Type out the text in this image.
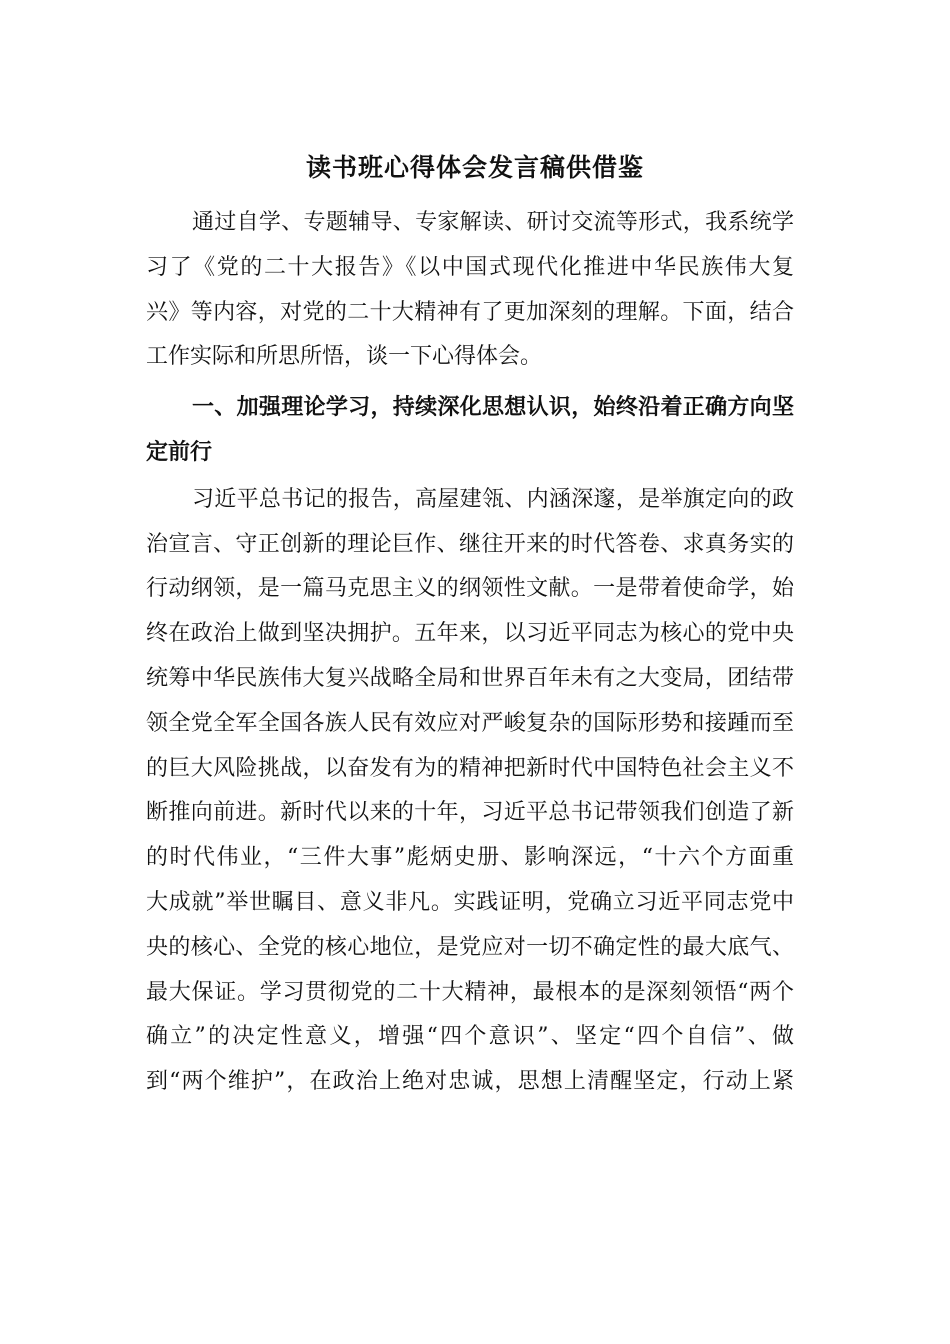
读书班心得体会发言稿供借鉴
通过自学、专题辅导、专家解读、研讨交流等形式，我系统学
习了《党的二十大报告》《以中国式现代化推进中华民族伟大复
兴》等内容，对党的二十大精神有了更加深刻的理解。下面，结合
工作实际和所思所悟，谈一下心得体会。
一、加强理论学习，持续深化思想认识，始终沿着正确方向坚
定前行
习近平总书记的报告，高屋建瓴、内涵深邃，是举旗定向的政
治宣言、守正创新的理论巨作、继往开来的时代答卷、求真务实的
行动纲领，是一篇马克思主义的纲领性文献。一是带着使命学，始
终在政治上做到坚决拥护。五年来，以习近平同志为核心的党中央
统筹中华民族伟大复兴战略全局和世界百年未有之大变局，团结带
领全党全军全国各族人民有效应对严峻复杂的国际形势和接踵而至
的巨大风险挑战，以奋发有为的精神把新时代中国特色社会主义不
断推向前进。新时代以来的十年，习近平总书记带领我们创造了新
的时代伟业，“三件大事”彪炳史册、影响深远，“十六个方面重
大成就”举世瞩目、意义非凡。实践证明，党确立习近平同志党中
央的核心、全党的核心地位，是党应对一切不确定性的最大底气、
最大保证。学习贯彻党的二十大精神，最根本的是深刻领悟“两个
确立”的决定性意义，增强“四个意识”、坚定“四个自信”、做
到“两个维护”，在政治上绝对忠诚，思想上清醒坚定，行动上紧
